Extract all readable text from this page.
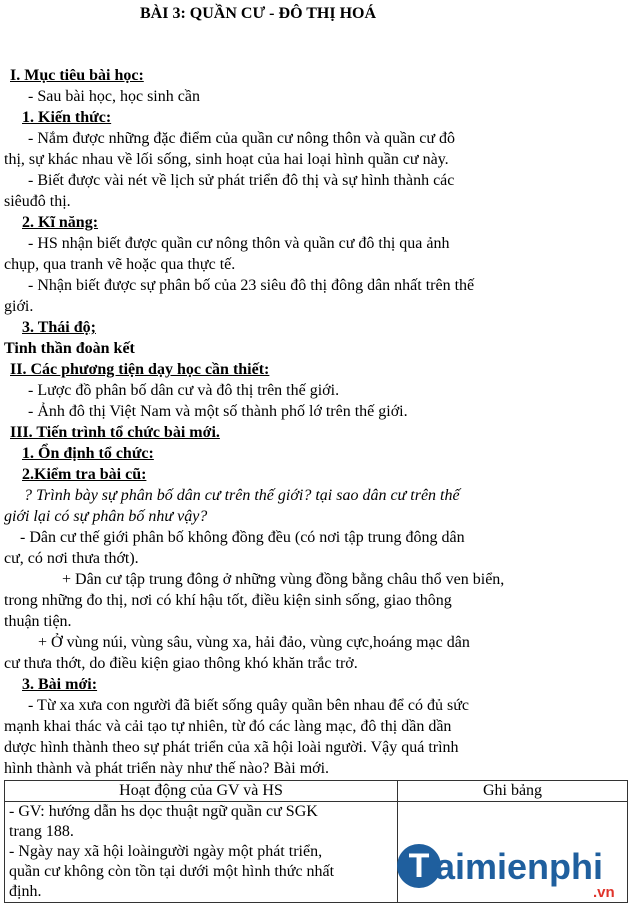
BÀI 3: QUẦN CƯ - ĐÔ THỊ HOÁ
I. Mục tiêu bài học:
- Sau bài học, học sinh cần
1. Kiến thức:
- Nắm được những đặc điểm của quần cư nông thôn và quần cư đô
thị, sự khác nhau về lối sống, sinh hoạt của hai loại hình quần cư này.
- Biết được vài nét về lịch sử phát triển đô thị và sự hình thành các
siêuđô thị.
2. Kĩ năng:
- HS nhận biết được quần cư nông thôn và quần cư đô thị qua ảnh
chụp, qua tranh vẽ hoặc qua thực tế.
- Nhận biết được sự phân bố của 23 siêu đô thị đông dân nhất trên thế
giới.
3. Thái độ;
Tinh thần đoàn kết
II. Các phương tiện dạy học cần thiết:
- Lược đồ phân bố dân cư và đô thị trên thế giới.
- Ảnh đô thị Việt Nam và một số thành phố lớ trên thế giới.
III. Tiến trình tổ chức bài mới.
1. Ổn định tổ chức:
2.Kiểm tra bài cũ:
? Trình bày sự phân bố dân cư trên thế giới? tại sao dân cư trên thế
giới lại có sự phân bố như vậy?
- Dân cư thế giới phân bố không đồng đều (có nơi tập trung đông dân
cư, có nơi thưa thớt).
+ Dân cư tập trung đông ở những vùng đồng bằng châu thổ ven biển,
trong những đo thị, nơi có khí hậu tốt, điều kiện sinh sống, giao thông
thuận tiện.
+ Ở vùng núi, vùng sâu, vùng xa, hải đảo, vùng cực,hoáng mạc dân
cư thưa thớt, do điều kiện giao thông khó khăn trắc trở.
3. Bài mới:
- Từ xa xưa con người đã biết sống quây quần bên nhau để có đủ sức
mạnh khai thác và cải tạo tự nhiên, từ đó các làng mạc, đô thị dần dần
dược hình thành theo sự phát triển của xã hội loài người. Vậy quá trình
hình thành và phát triển này như thế nào? Bài mới.
Hoạt động của GV và HS	Ghi bảng

- GV: hướng dẫn hs dọc thuật ngữ quần cư SGK
trang 188.
- Ngày nay xã hội loàingười ngày một phát triển,
quần cư không còn tồn tại dưới một hình thức nhất
định.	

T aimienphi
.vn
